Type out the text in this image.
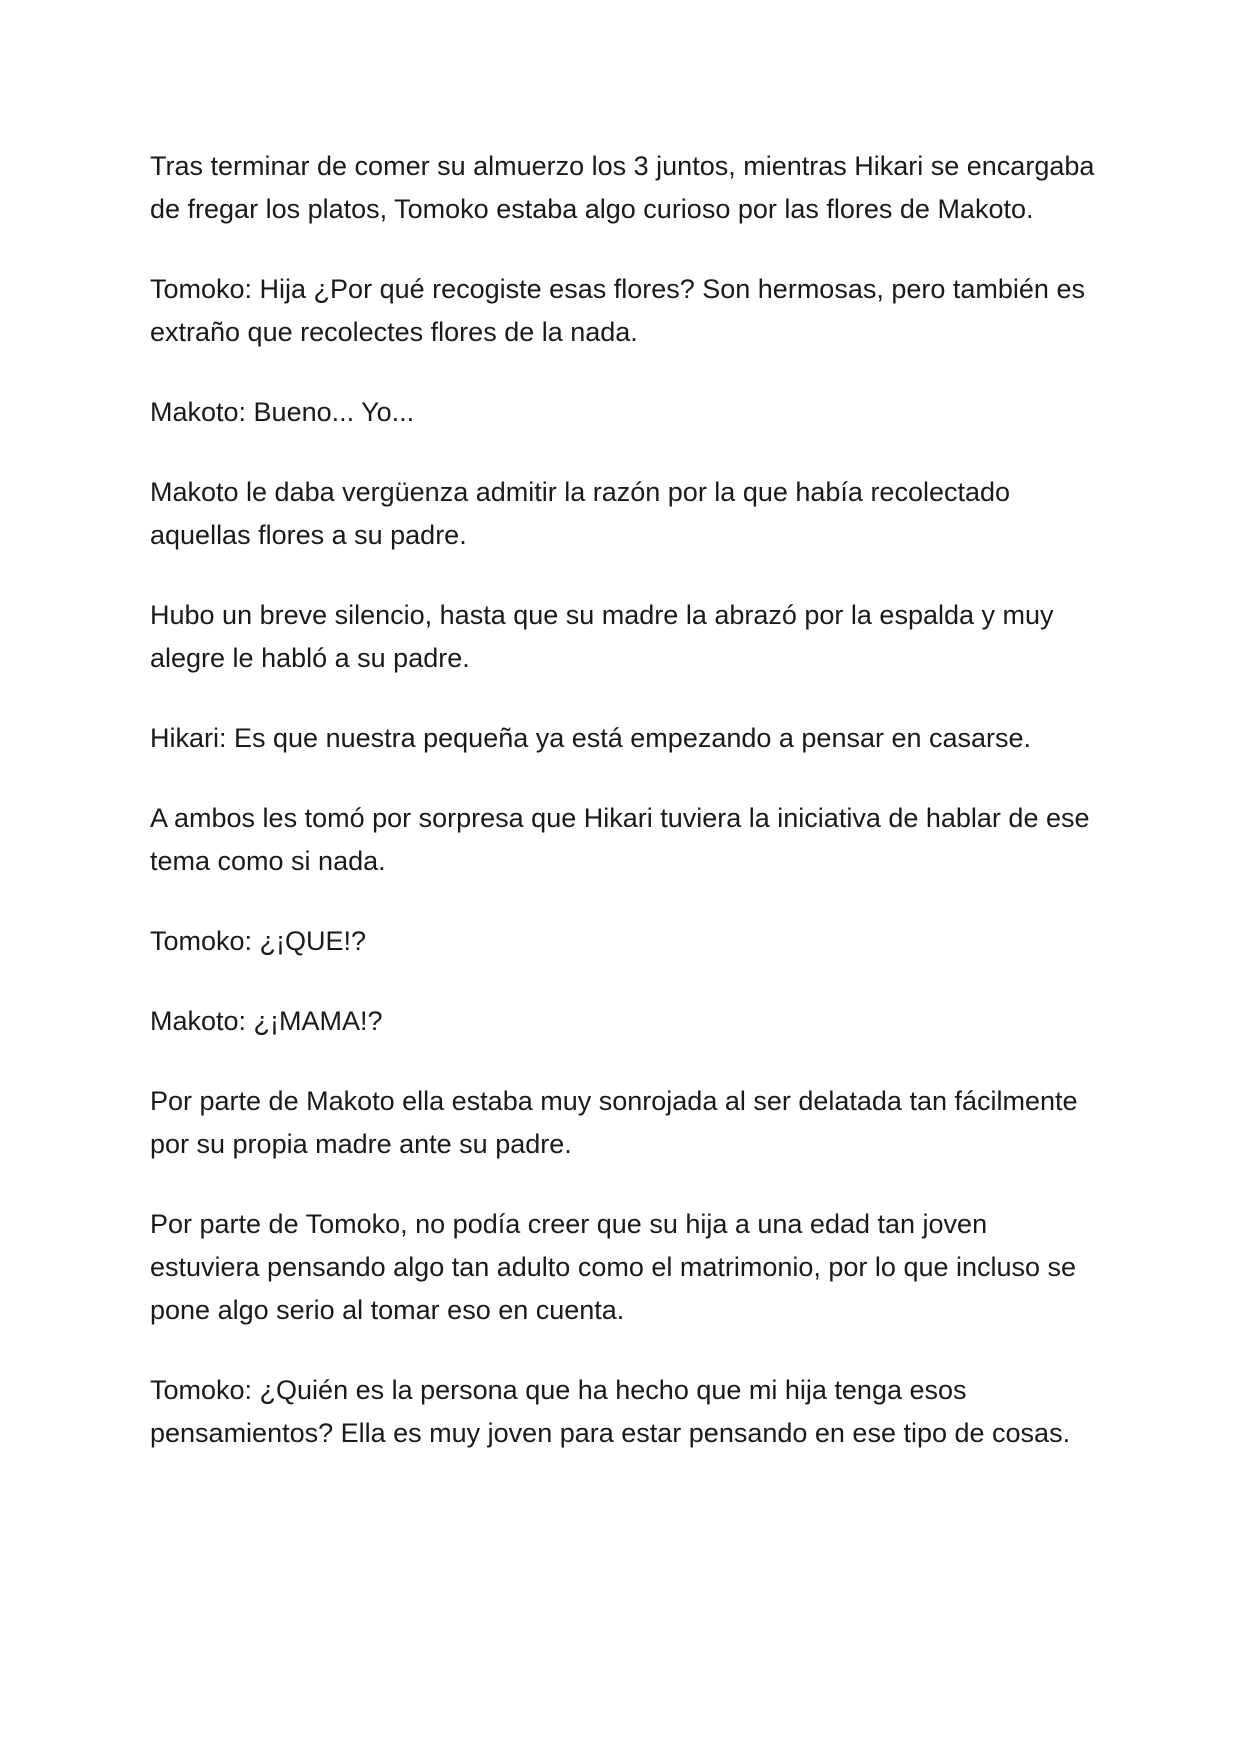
Tras terminar de comer su almuerzo los 3 juntos, mientras Hikari se encargaba de fregar los platos, Tomoko estaba algo curioso por las flores de Makoto.

Tomoko: Hija ¿Por qué recogiste esas flores? Son hermosas, pero también es extraño que recolectes flores de la nada.

Makoto: Bueno... Yo...

Makoto le daba vergüenza admitir la razón por la que había recolectado aquellas flores a su padre.

Hubo un breve silencio, hasta que su madre la abrazó por la espalda y muy alegre le habló a su padre.

Hikari: Es que nuestra pequeña ya está empezando a pensar en casarse.

A ambos les tomó por sorpresa que Hikari tuviera la iniciativa de hablar de ese tema como si nada.

Tomoko: ¿¡QUE!?

Makoto: ¿¡MAMA!?

Por parte de Makoto ella estaba muy sonrojada al ser delatada tan fácilmente por su propia madre ante su padre.

Por parte de Tomoko, no podía creer que su hija a una edad tan joven estuviera pensando algo tan adulto como el matrimonio, por lo que incluso se pone algo serio al tomar eso en cuenta.

Tomoko: ¿Quién es la persona que ha hecho que mi hija tenga esos pensamientos? Ella es muy joven para estar pensando en ese tipo de cosas.
